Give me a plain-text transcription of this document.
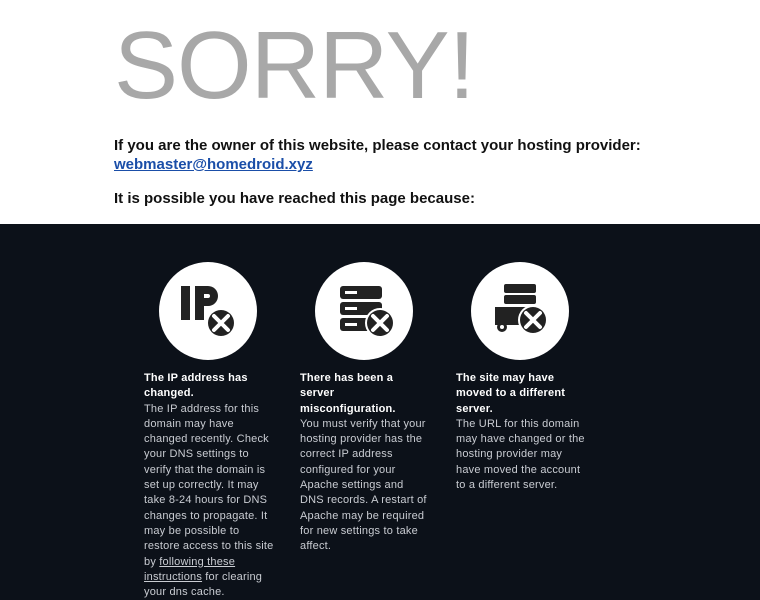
SORRY!
If you are the owner of this website, please contact your hosting provider:
webmaster@homedroid.xyz
It is possible you have reached this page because:
The IP address has changed.
The IP address for this domain may have changed recently. Check your DNS settings to verify that the domain is set up correctly. It may take 8-24 hours for DNS changes to propagate. It may be possible to restore access to this site by following these instructions for clearing your dns cache.
There has been a server misconfiguration.
You must verify that your hosting provider has the correct IP address configured for your Apache settings and DNS records. A restart of Apache may be required for new settings to take affect.
The site may have moved to a different server.
The URL for this domain may have changed or the hosting provider may have moved the account to a different server.
